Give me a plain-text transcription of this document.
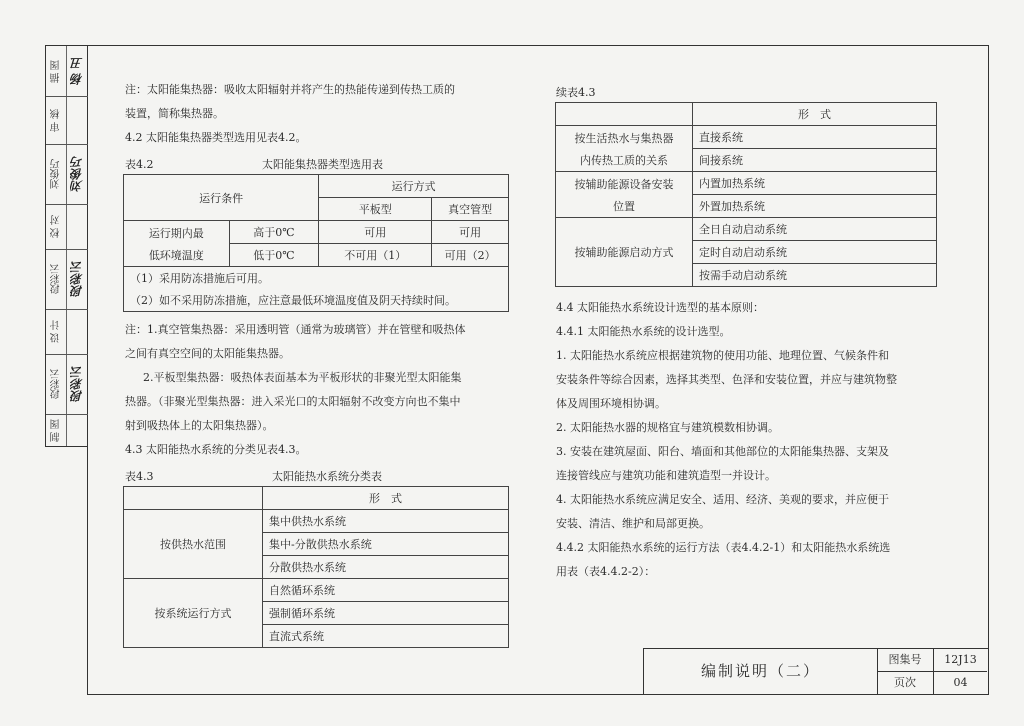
描 图 杨 丑
审 核
刘俊巧 刘俊巧
校 对
段彩云 段彩云
设 计
段彩云 段彩云
制 图

注：太阳能集热器：吸收太阳辐射并将产生的热能传递到传热工质的

装置，简称集热器。

4.2 太阳能集热器类型选用见表4.2。

表4.2	太阳能集热器类型选用表
运行条件		运行方式	
		平板型	真空管型

运行期内最
低环境温度	高于0℃	可用	可用
	低于0℃	不可用（1）	可用（2）
（1）采用防冻措施后可用。			
（2）如不采用防冻措施，应注意最低环境温度值及阴天持续时间。			

注：1.真空管集热器：采用透明管（通常为玻璃管）并在管壁和吸热体

之间有真空空间的太阳能集热器。

2.平板型集热器：吸热体表面基本为平板形状的非聚光型太阳能集

热器。（非聚光型集热器：进入采光口的太阳辐射不改变方向也不集中

射到吸热体上的太阳集热器）。

4.3 太阳能热水系统的分类见表4.3。

表4.3	太阳能热水系统分类表
	形　式
按供热水范围	集中供热水系统
	集中-分散供热水系统
	分散供热水系统
按系统运行方式	自然循环系统
	强制循环系统
	直流式系统
续表4.3
	形　式

按生活热水与集热器
内传热工质的关系	直接系统
	间接系统

按辅助能源设备安装
位置	内置加热系统
	外置加热系统
按辅助能源启动方式	全日自动启动系统
	定时自动启动系统
	按需手动启动系统

4.4 太阳能热水系统设计选型的基本原则：

4.4.1 太阳能热水系统的设计选型。

1. 太阳能热水系统应根据建筑物的使用功能、地理位置、气候条件和

安装条件等综合因素，选择其类型、色泽和安装位置，并应与建筑物整

体及周围环境相协调。

2. 太阳能热水器的规格宜与建筑模数相协调。

3. 安装在建筑屋面、阳台、墙面和其他部位的太阳能集热器、支架及

连接管线应与建筑功能和建筑造型一并设计。

4. 太阳能热水系统应满足安全、适用、经济、美观的要求，并应便于

安装、清洁、维护和局部更换。

4.4.2 太阳能热水系统的运行方法（表4.4.2-1）和太阳能热水系统选

用表（表4.4.2-2）：

编制说明（二）
图集号	12J13
页次	04
